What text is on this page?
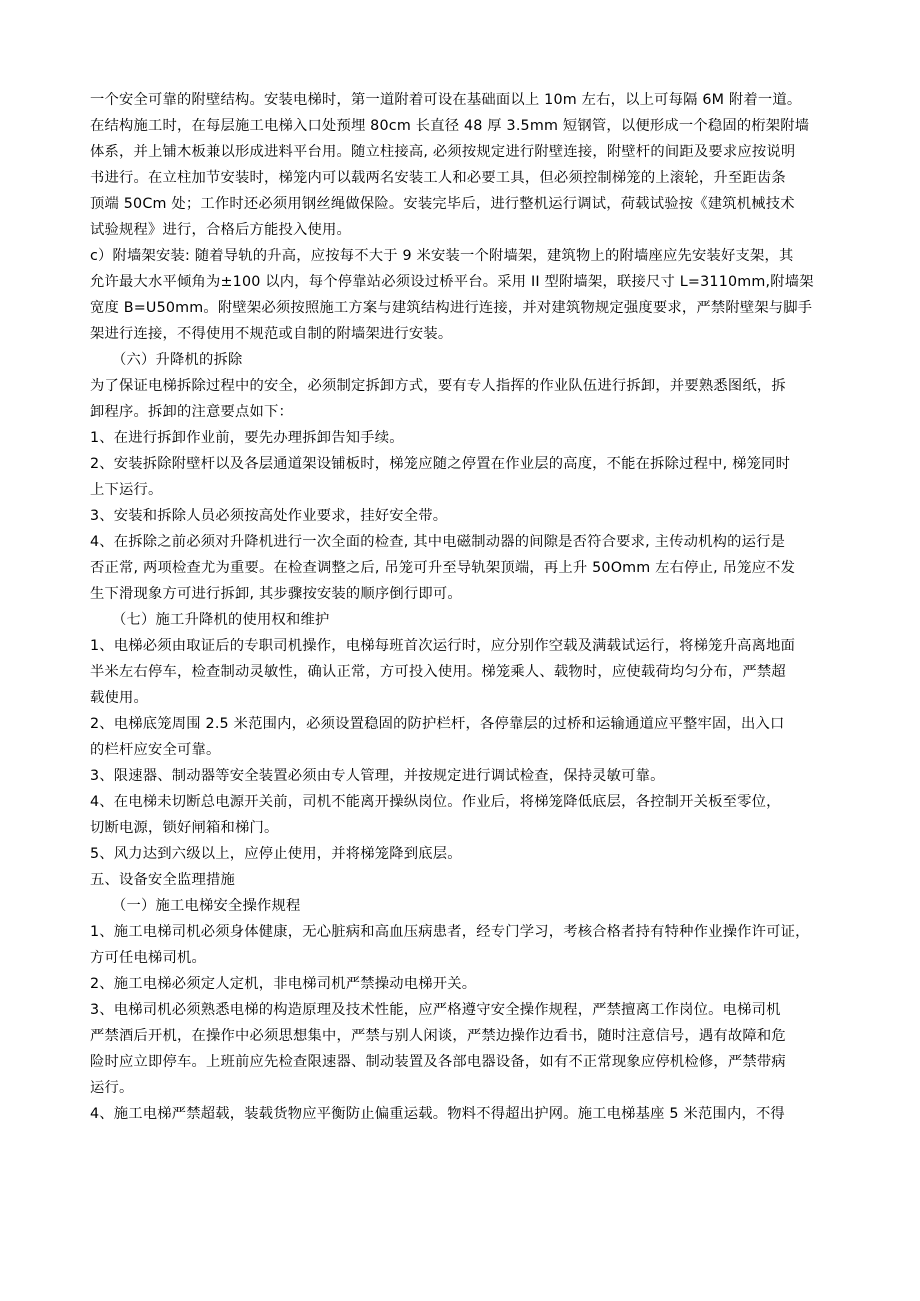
一个安全可靠的附壁结构。安装电梯时，第一道附着可设在基础面以上 10m 左右，以上可每隔 6M 附着一道。
在结构施工时，在每层施工电梯入口处预埋 80cm 长直径 48 厚 3.5mm 短钢管，以便形成一个稳固的桁架附墙
体系，并上铺木板兼以形成进料平台用。随立柱接高, 必须按规定进行附壁连接，附壁杆的间距及要求应按说明
书进行。在立柱加节安装时，梯笼内可以载两名安装工人和必要工具，但必须控制梯笼的上滚轮，升至距齿条
顶端 50Cm 处；工作时还必须用钢丝绳做保险。安装完毕后，进行整机运行调试，荷载试验按《建筑机械技术
试验规程》进行，合格后方能投入使用。
c）附墙架安装: 随着导轨的升高，应按每不大于 9 米安装一个附墙架，建筑物上的附墙座应先安装好支架，其
允许最大水平倾角为±100 以内，每个停靠站必须设过桥平台。采用 II 型附墙架，联接尺寸 L=3110mm,附墙架
宽度 B=U50mm。附壁架必须按照施工方案与建筑结构进行连接，并对建筑物规定强度要求，严禁附壁架与脚手
架进行连接，不得使用不规范或自制的附墙架进行安装。
（六）升降机的拆除
为了保证电梯拆除过程中的安全，必须制定拆卸方式，要有专人指挥的作业队伍进行拆卸，并要熟悉图纸，拆
卸程序。拆卸的注意要点如下：
1、在进行拆卸作业前，要先办理拆卸告知手续。
2、安装拆除附壁杆以及各层通道架设铺板时，梯笼应随之停置在作业层的高度，不能在拆除过程中, 梯笼同时
上下运行。
3、安装和拆除人员必须按高处作业要求，挂好安全带。
4、在拆除之前必须对升降机进行一次全面的检查, 其中电磁制动器的间隙是否符合要求, 主传动机构的运行是
否正常, 两项检查尤为重要。在检查调整之后, 吊笼可升至导轨架顶端，再上升 50Omm 左右停止, 吊笼应不发
生下滑现象方可进行拆卸, 其步骤按安装的顺序倒行即可。
（七）施工升降机的使用权和维护
1、电梯必须由取证后的专职司机操作，电梯每班首次运行时，应分别作空载及满载试运行，将梯笼升高离地面
半米左右停车，检查制动灵敏性，确认正常，方可投入使用。梯笼乘人、载物时，应使载荷均匀分布，严禁超
载使用。
2、电梯底笼周围 2.5 米范围内，必须设置稳固的防护栏杆，各停靠层的过桥和运输通道应平整牢固，出入口
的栏杆应安全可靠。
3、限速器、制动器等安全装置必须由专人管理，并按规定进行调试检查，保持灵敏可靠。
4、在电梯未切断总电源开关前，司机不能离开操纵岗位。作业后，将梯笼降低底层，各控制开关板至零位，
切断电源，锁好闸箱和梯门。
5、风力达到六级以上，应停止使用，并将梯笼降到底层。
五、设备安全监理措施
（一）施工电梯安全操作规程
1、施工电梯司机必须身体健康，无心脏病和高血压病患者，经专门学习，考核合格者持有特种作业操作许可证，
方可任电梯司机。
2、施工电梯必须定人定机，非电梯司机严禁操动电梯开关。
3、电梯司机必须熟悉电梯的构造原理及技术性能，应严格遵守安全操作规程，严禁擅离工作岗位。电梯司机
严禁酒后开机，在操作中必须思想集中，严禁与别人闲谈，严禁边操作边看书，随时注意信号，遇有故障和危
险时应立即停车。上班前应先检查限速器、制动装置及各部电器设备，如有不正常现象应停机检修，严禁带病
运行。
4、施工电梯严禁超载，装载货物应平衡防止偏重运载。物料不得超出护网。施工电梯基座 5 米范围内，不得
